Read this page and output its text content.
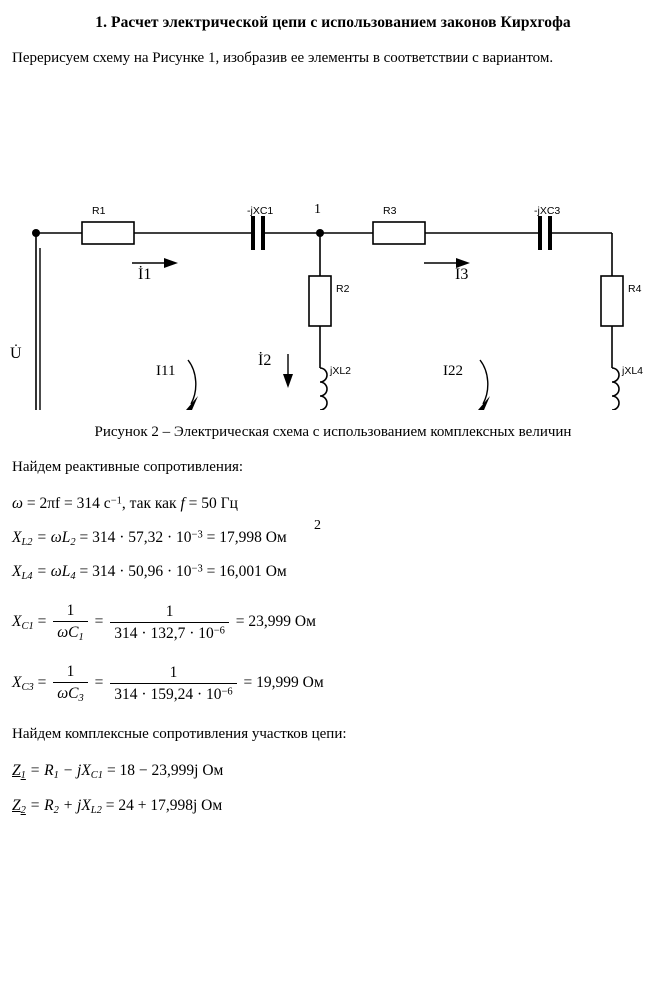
1. Расчет электрической цепи с использованием законов Кирхгофа
Перерисуем схему на Рисунке 1, изобразив ее элементы в соответствии с вариантом.
R1	-jXC1	1	R3	-jXC3
R2	R4
jXL2	jXL4
2
İ1
İ2
İ3
U̇
I11	I22
Рисунок 2 – Электрическая схема с использованием комплексных величин
Найдем реактивные сопротивления:
ω = 2πf = 314 $с^{-1}$, так как f = 50 Гц
$X_{L2} = \omega L_2 = 314 \cdot 57,32 \cdot 10^{-3} = 17,998$ Ом
$X_{L4} = \omega L_4 = 314 \cdot 50,96 \cdot 10^{-3} = 16,001$ Ом
$X_{C1} = \frac{1}{\omega C_1} = \frac{1}{314 \cdot 132,7 \cdot 10^{-6}} = 23,999$ Ом
$X_{C3} = \frac{1}{\omega C_3} = \frac{1}{314 \cdot 159,24 \cdot 10^{-6}} = 19,999$ Ом
Найдем комплексные сопротивления участков цепи:
$Z_1 = R_1 - jX_{C1} = 18 - 23,999j$ Ом
$Z_2 = R_2 + jX_{L2} = 24 + 17,998j$ Ом
